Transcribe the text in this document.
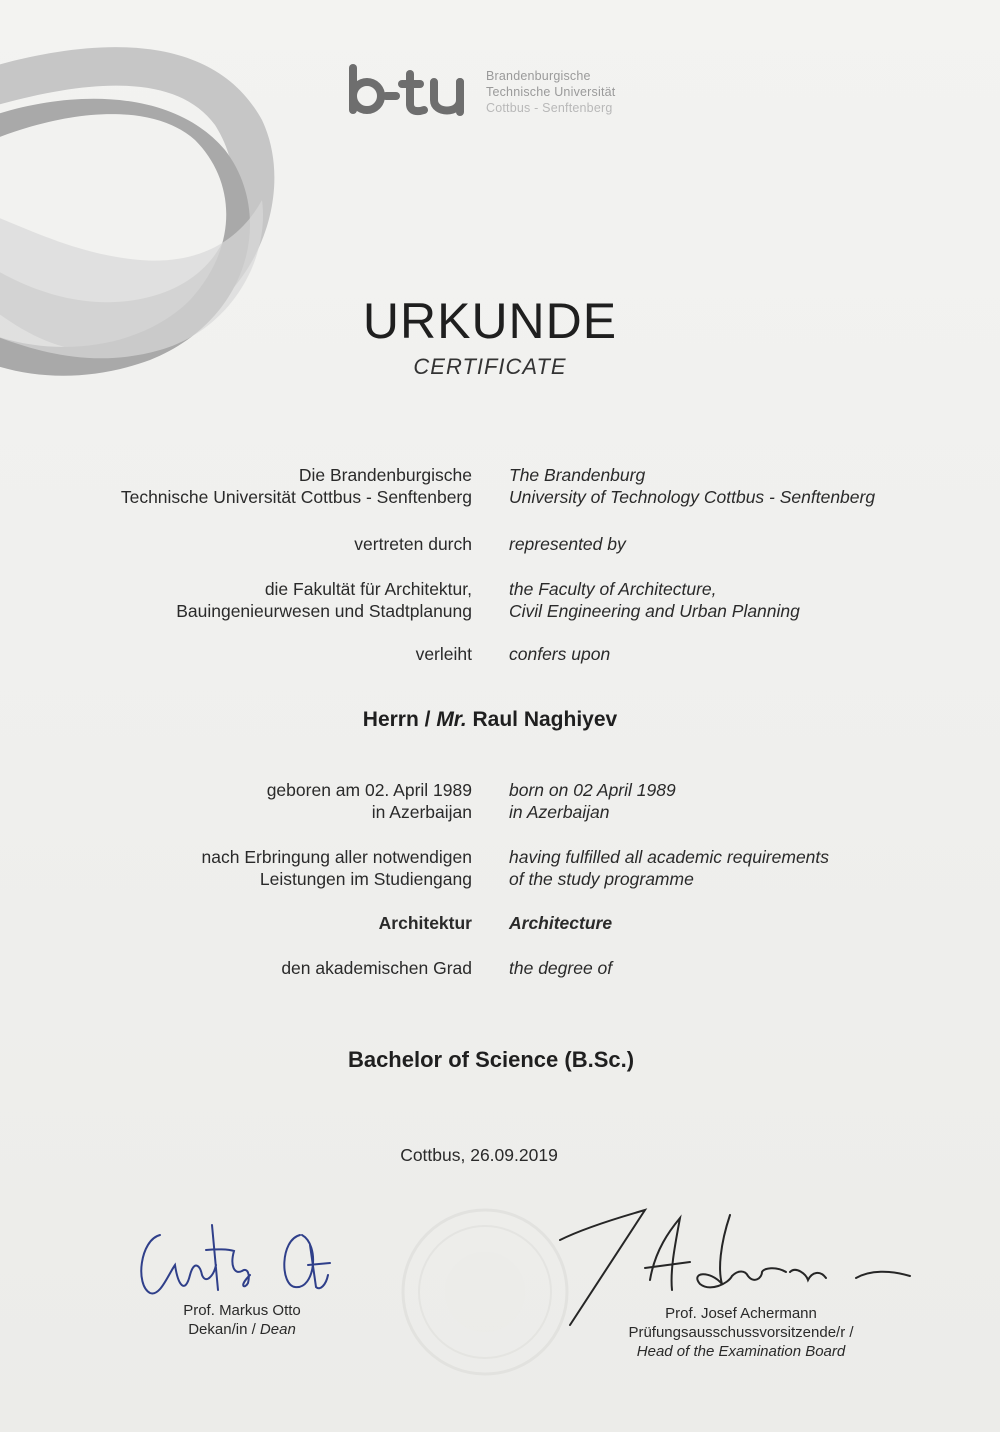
Brandenburgische
Technische Universität
Cottbus - Senftenberg
URKUNDE
CERTIFICATE
Die Brandenburgische
Technische Universität Cottbus - Senftenberg
The Brandenburg
University of Technology Cottbus - Senftenberg
vertreten durch represented by
die Fakultät für Architektur,
Bauingenieurwesen und Stadtplanung
the Faculty of Architecture,
Civil Engineering and Urban Planning
verleiht confers upon
Herrn / Mr. Raul Naghiyev
geboren am 02. April 1989
in Azerbaijan
born on 02 April 1989
in Azerbaijan
nach Erbringung aller notwendigen
Leistungen im Studiengang
having fulfilled all academic requirements
of the study programme
Architektur Architecture
den akademischen Grad the degree of
Bachelor of Science (B.Sc.)
Cottbus, 26.09.2019
Prof. Markus Otto
Dekan/in / Dean
Prof. Josef Achermann
Prüfungsausschussvorsitzende/r /
Head of the Examination Board
